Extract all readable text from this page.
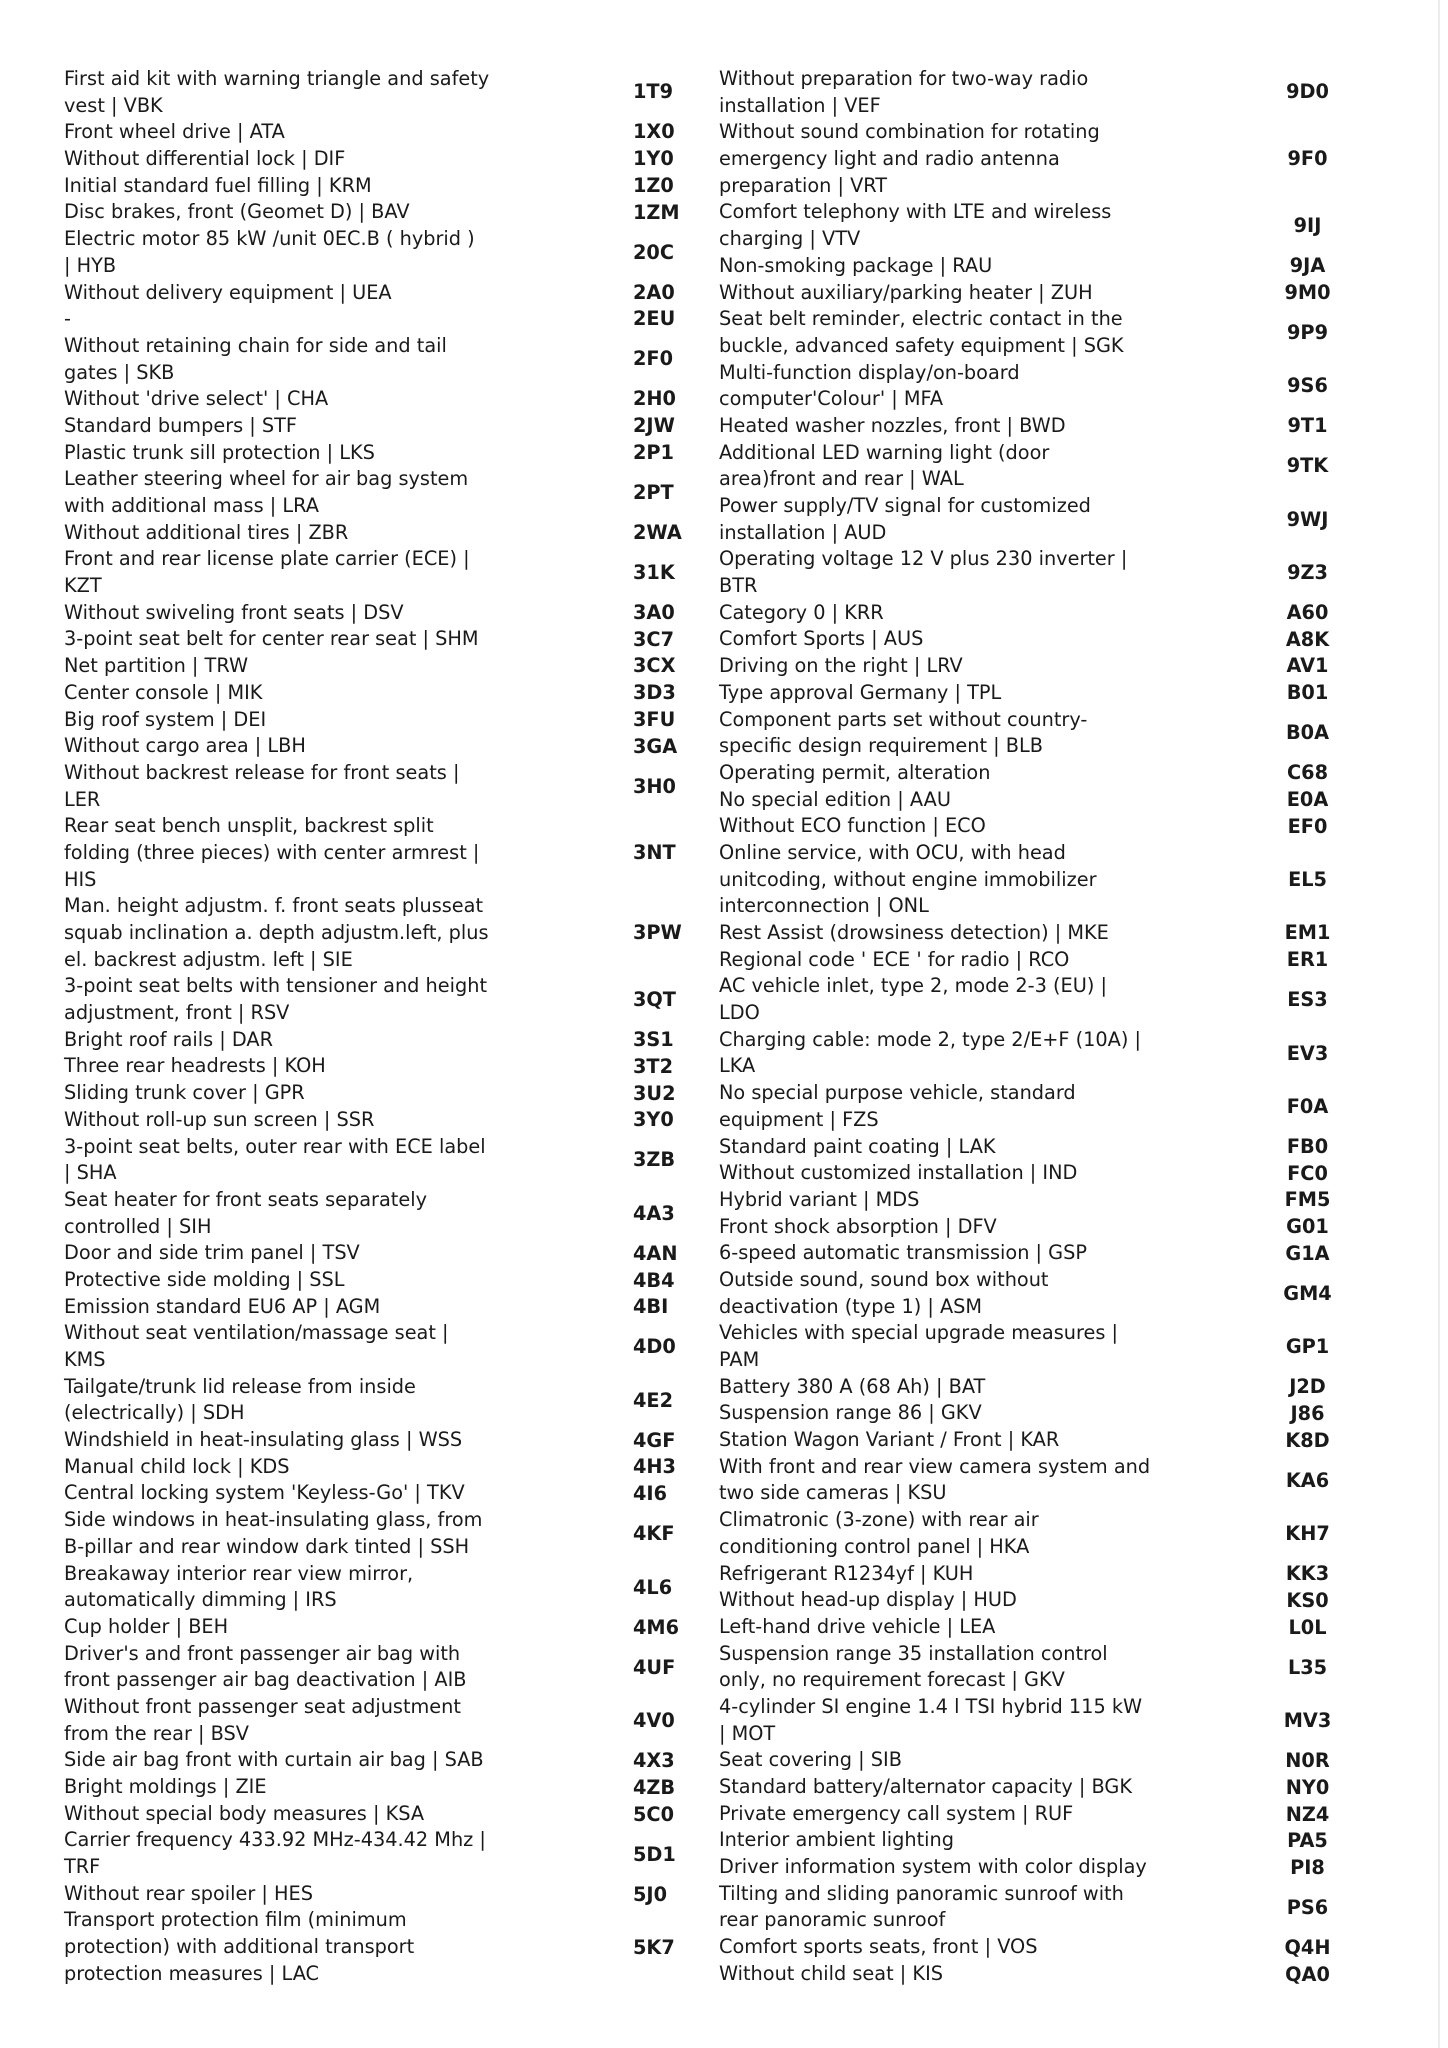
First aid kit with warning triangle and safety
vest | VBK
Front wheel drive | ATA
Without differential lock | DIF
Initial standard fuel filling | KRM
Disc brakes, front (Geomet D) | BAV
Electric motor 85 kW /unit 0EC.B ( hybrid )
| HYB
Without delivery equipment | UEA
-
Without retaining chain for side and tail
gates | SKB
Without 'drive select' | CHA
Standard bumpers | STF
Plastic trunk sill protection | LKS
Leather steering wheel for air bag system
with additional mass | LRA
Without additional tires | ZBR
Front and rear license plate carrier (ECE) |
KZT
Without swiveling front seats | DSV
3-point seat belt for center rear seat | SHM
Net partition | TRW
Center console | MIK
Big roof system | DEI
Without cargo area | LBH
Without backrest release for front seats |
LER
Rear seat bench unsplit, backrest split
folding (three pieces) with center armrest |
HIS
Man. height adjustm. f. front seats plusseat
squab inclination a. depth adjustm.left, plus
el. backrest adjustm. left | SIE
3-point seat belts with tensioner and height
adjustment, front | RSV
Bright roof rails | DAR
Three rear headrests | KOH
Sliding trunk cover | GPR
Without roll-up sun screen | SSR
3-point seat belts, outer rear with ECE label
| SHA
Seat heater for front seats separately
controlled | SIH
Door and side trim panel | TSV
Protective side molding | SSL
Emission standard EU6 AP | AGM
Without seat ventilation/massage seat |
KMS
Tailgate/trunk lid release from inside
(electrically) | SDH
Windshield in heat-insulating glass | WSS
Manual child lock | KDS
Central locking system 'Keyless-Go' | TKV
Side windows in heat-insulating glass, from
B-pillar and rear window dark tinted | SSH
Breakaway interior rear view mirror,
automatically dimming | IRS
Cup holder | BEH
Driver's and front passenger air bag with
front passenger air bag deactivation | AIB
Without front passenger seat adjustment
from the rear | BSV
Side air bag front with curtain air bag | SAB
Bright moldings | ZIE
Without special body measures | KSA
Carrier frequency 433.92 MHz-434.42 Mhz |
TRF
Without rear spoiler | HES
Transport protection film (minimum
protection) with additional transport
protection measures | LAC
1T9
1X0
1Y0
1Z0
1ZM
20C
2A0
2EU
2F0
2H0
2JW
2P1
2PT
2WA
31K
3A0
3C7
3CX
3D3
3FU
3GA
3H0
3NT
3PW
3QT
3S1
3T2
3U2
3Y0
3ZB
4A3
4AN
4B4
4BI
4D0
4E2
4GF
4H3
4I6
4KF
4L6
4M6
4UF
4V0
4X3
4ZB
5C0
5D1
5J0
5K7
Without preparation for two-way radio
installation | VEF
Without sound combination for rotating
emergency light and radio antenna
preparation | VRT
Comfort telephony with LTE and wireless
charging | VTV
Non-smoking package | RAU
Without auxiliary/parking heater | ZUH
Seat belt reminder, electric contact in the
buckle, advanced safety equipment | SGK
Multi-function display/on-board
computer'Colour' | MFA
Heated washer nozzles, front | BWD
Additional LED warning light (door
area)front and rear | WAL
Power supply/TV signal for customized
installation | AUD
Operating voltage 12 V plus 230 inverter |
BTR
Category 0 | KRR
Comfort Sports | AUS
Driving on the right | LRV
Type approval Germany | TPL
Component parts set without country-
specific design requirement | BLB
Operating permit, alteration
No special edition | AAU
Without ECO function | ECO
Online service, with OCU, with head
unitcoding, without engine immobilizer
interconnection | ONL
Rest Assist (drowsiness detection) | MKE
Regional code ' ECE ' for radio | RCO
AC vehicle inlet, type 2, mode 2-3 (EU) |
LDO
Charging cable: mode 2, type 2/E+F (10A) |
LKA
No special purpose vehicle, standard
equipment | FZS
Standard paint coating | LAK
Without customized installation | IND
Hybrid variant | MDS
Front shock absorption | DFV
6-speed automatic transmission | GSP
Outside sound, sound box without
deactivation (type 1) | ASM
Vehicles with special upgrade measures |
PAM
Battery 380 A (68 Ah) | BAT
Suspension range 86 | GKV
Station Wagon Variant / Front | KAR
With front and rear view camera system and
two side cameras | KSU
Climatronic (3-zone) with rear air
conditioning control panel | HKA
Refrigerant R1234yf | KUH
Without head-up display | HUD
Left-hand drive vehicle | LEA
Suspension range 35 installation control
only, no requirement forecast | GKV
4-cylinder SI engine 1.4 l TSI hybrid 115 kW
| MOT
Seat covering | SIB
Standard battery/alternator capacity | BGK
Private emergency call system | RUF
Interior ambient lighting
Driver information system with color display
Tilting and sliding panoramic sunroof with
rear panoramic sunroof
Comfort sports seats, front | VOS
Without child seat | KIS
9D0
9F0
9IJ
9JA
9M0
9P9
9S6
9T1
9TK
9WJ
9Z3
A60
A8K
AV1
B01
B0A
C68
E0A
EF0
EL5
EM1
ER1
ES3
EV3
F0A
FB0
FC0
FM5
G01
G1A
GM4
GP1
J2D
J86
K8D
KA6
KH7
KK3
KS0
L0L
L35
MV3
N0R
NY0
NZ4
PA5
PI8
PS6
Q4H
QA0
